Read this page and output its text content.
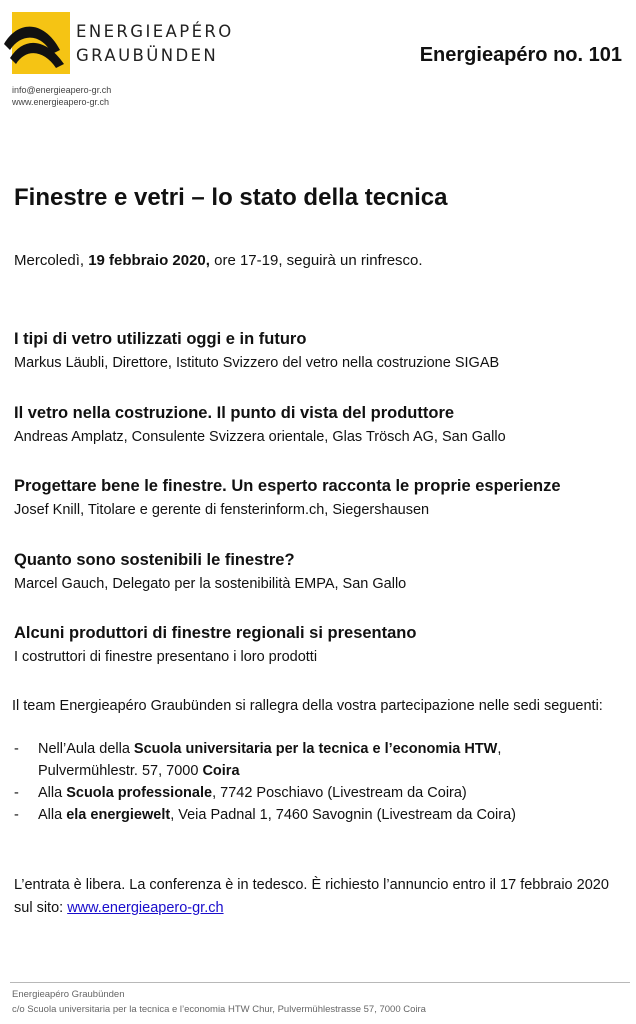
ENERGIEAPÉRO
GRAUBÜNDEN
info@energieapero-gr.ch
www.energieapero-gr.ch
Energieapéro no. 101
Finestre e vetri – lo stato della tecnica
Mercoledì, 19 febbraio 2020, ore 17-19, seguirà un rinfresco.
I tipi di vetro utilizzati oggi e in futuro
Markus Läubli, Direttore, Istituto Svizzero del vetro nella costruzione SIGAB
Il vetro nella costruzione. Il punto di vista del produttore
Andreas Amplatz, Consulente Svizzera orientale, Glas Trösch AG, San Gallo
Progettare bene le finestre. Un esperto racconta le proprie esperienze
Josef Knill, Titolare e gerente di fensterinform.ch, Siegershausen
Quanto sono sostenibili le finestre?
Marcel Gauch, Delegato per la sostenibilità EMPA, San Gallo
Alcuni produttori di finestre regionali si presentano
I costruttori di finestre presentano i loro prodotti
Il team Energieapéro Graubünden si rallegra della vostra partecipazione nelle sedi seguenti:
- Nell’Aula della Scuola universitaria per la tecnica e l’economia HTW,
Pulvermühlestr. 57, 7000 Coira
- Alla Scuola professionale, 7742 Poschiavo (Livestream da Coira)
- Alla ela energiewelt, Veia Padnal 1, 7460 Savognin (Livestream da Coira)
L’entrata è libera. La conferenza è in tedesco. È richiesto l’annuncio entro il 17 febbraio 2020 sul sito: www.energieapero-gr.ch
Energieapéro Graubünden
c/o Scuola universitaria per la tecnica e l’economia HTW Chur, Pulvermühlestrasse 57, 7000 Coira
